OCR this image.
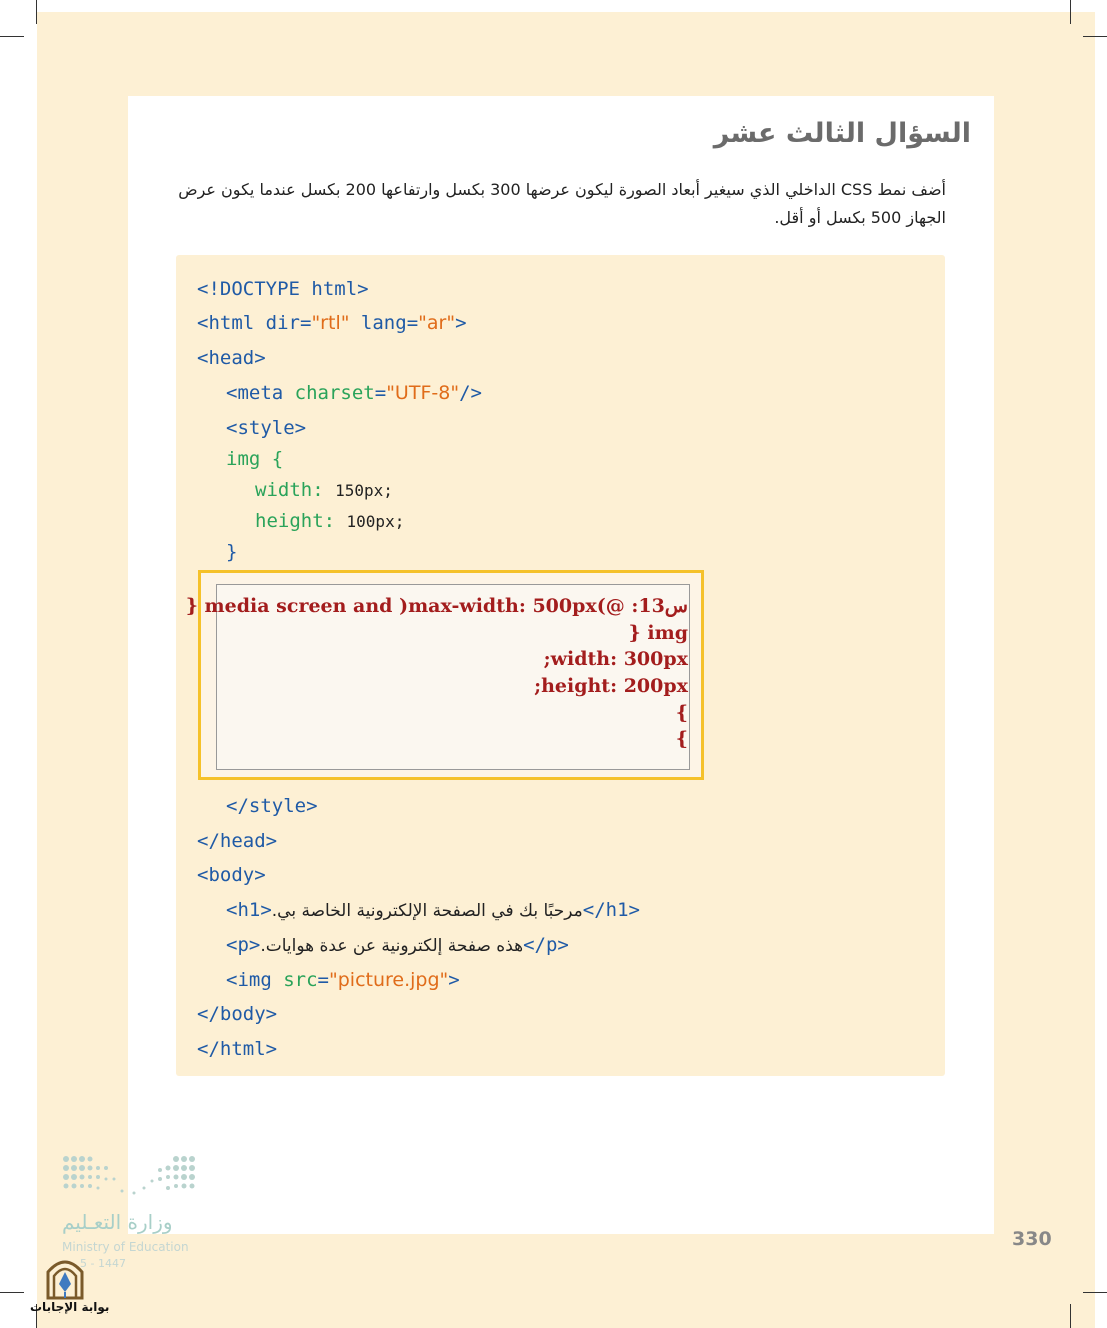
السؤال الثالث عشر
أضف نمط CSS الداخلي الذي سيغير أبعاد الصورة ليكون عرضها 300 بكسل وارتفاعها 200 بكسل عندما يكون عرض الجهاز 500 بكسل أو أقل.
<!DOCTYPE html>
<html dir="rtl" lang="ar">
<head>
<meta charset="UTF-8"/>
<style>
img {
width: 150px;
height: 100px;
}
} media screen and )max-width: 500px(@ :س13
} img
;width: 300px
;height: 200px
{
{
</style>
</head>
<body>
<h1>مرحبًا بك في الصفحة الإلكترونية الخاصة بي.</h1>
<p>هذه صفحة إلكترونية عن عدة هوايات.</p>
<img src="picture.jpg">
</body>
</html>
330
وزارة التعـليم
Ministry of Education
5 - 1447
بوابة الإجابات
